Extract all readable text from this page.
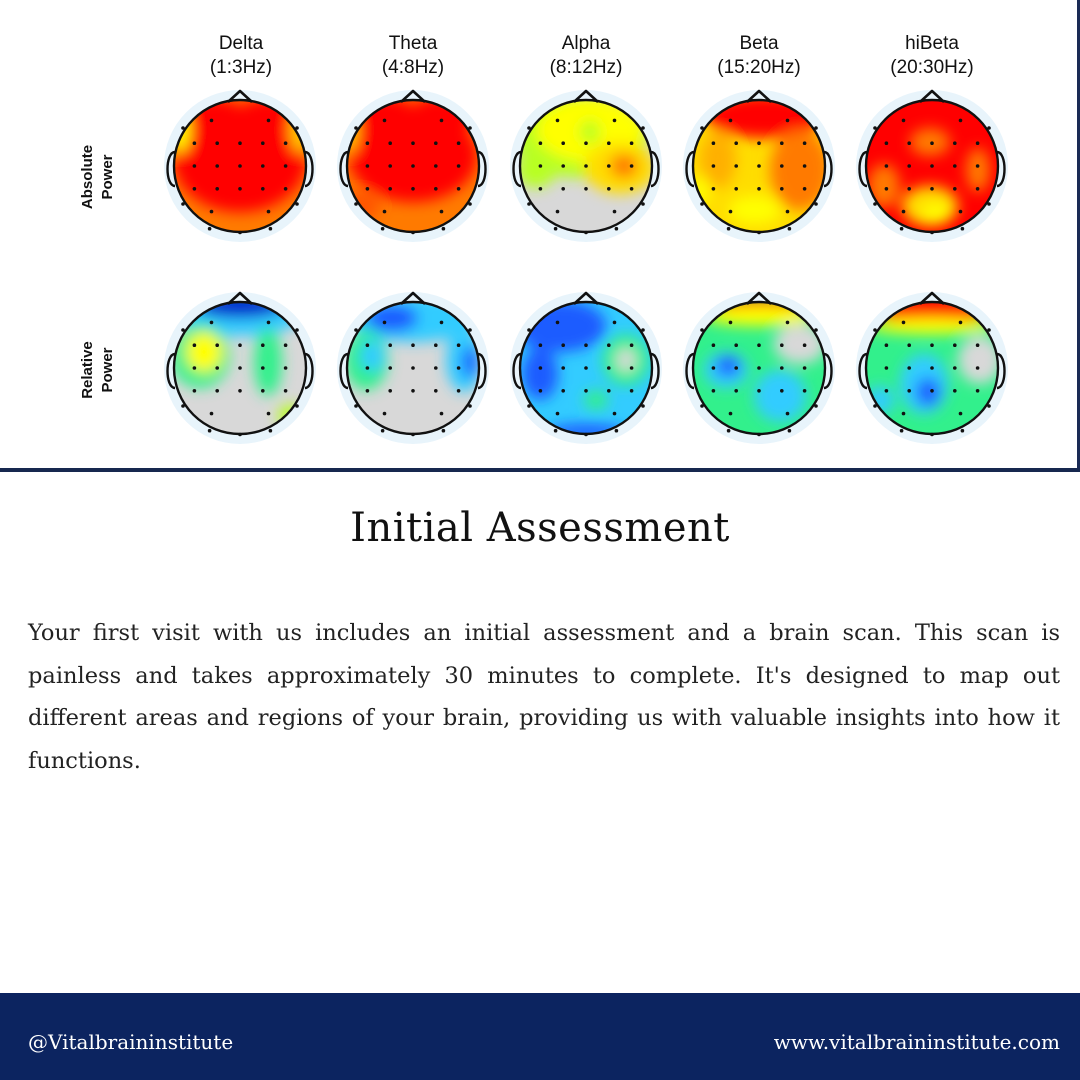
Delta
(1:3Hz)
Theta
(4:8Hz)
Alpha
(8:12Hz)
Beta
(15:20Hz)
hiBeta
(20:30Hz)
Absolute Power
Relative Power
Initial Assessment

Your first visit with us includes an initial assessment and a brain scan. This scan is painless and takes approximately 30 minutes to complete. It's designed to map out different areas and regions of your brain, providing us with valuable insights into how it functions.

@Vitalbraininstitute	www.vitalbraininstitute.com
